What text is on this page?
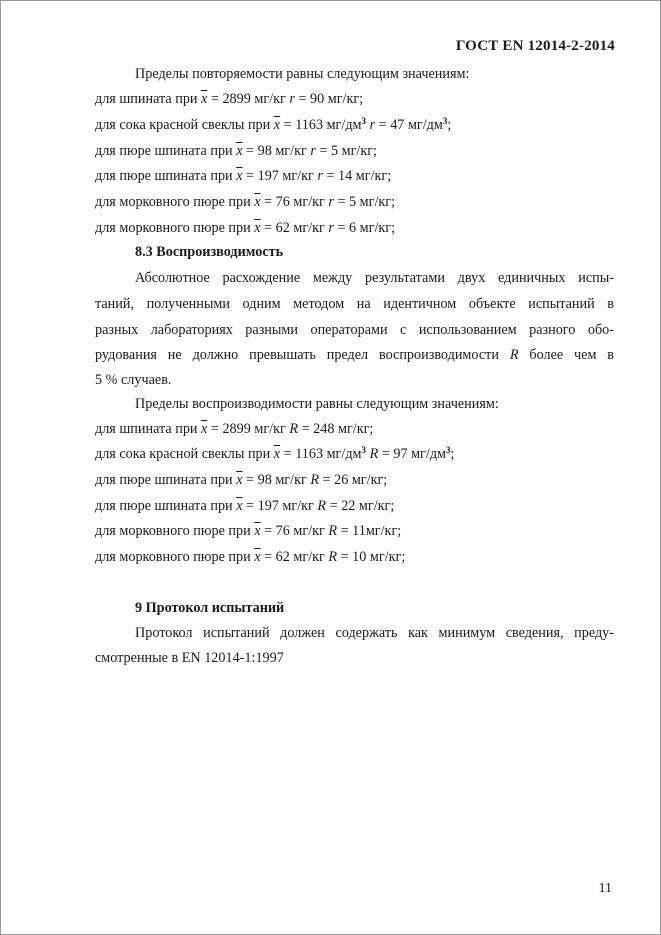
ГОСТ EN 12014-2-2014
Пределы повторяемости равны следующим значениям:
для шпината при $\overline{x} = 2899$ мг/кг r = 90 мг/кг;
для сока красной свеклы при $\overline{x} = 1163$ $мг/дм^3$ r = 47 $мг/дм^3$;
для пюре шпината при $\overline{x} = 98$ мг/кг r = 5 мг/кг;
для пюре шпината при $\overline{x} = 197$ мг/кг r = 14 мг/кг;
для морковного пюре при $\overline{x} = 76$ мг/кг r = 5 мг/кг;
для морковного пюре при $\overline{x} = 62$ мг/кг r = 6 мг/кг;
8.3 Воспроизводимость
Абсолютное расхождение между результатами двух единичных испы-
таний, полученными одним методом на идентичном объекте испытаний в
разных лабораториях разными операторами с использованием разного обо-
рудования не должно превышать предел воспроизводимости R более чем в
5 % случаев.
Пределы воспроизводимости равны следующим значениям:
для шпината при $\overline{x} = 2899$ мг/кг R = 248 мг/кг;
для сока красной свеклы при $\overline{x} = 1163$ $мг/дм^3$ R = 97 $мг/дм^3$;
для пюре шпината при $\overline{x} = 98$ мг/кг R = 26 мг/кг;
для пюре шпината при $\overline{x} = 197$ мг/кг R = 22 мг/кг;
для морковного пюре при $\overline{x} = 76$ мг/кг R = 11мг/кг;
для морковного пюре при $\overline{x} = 62$ мг/кг R = 10 мг/кг;
9 Протокол испытаний
Протокол испытаний должен содержать как минимум сведения, преду-
смотренные в EN 12014-1:1997
11
